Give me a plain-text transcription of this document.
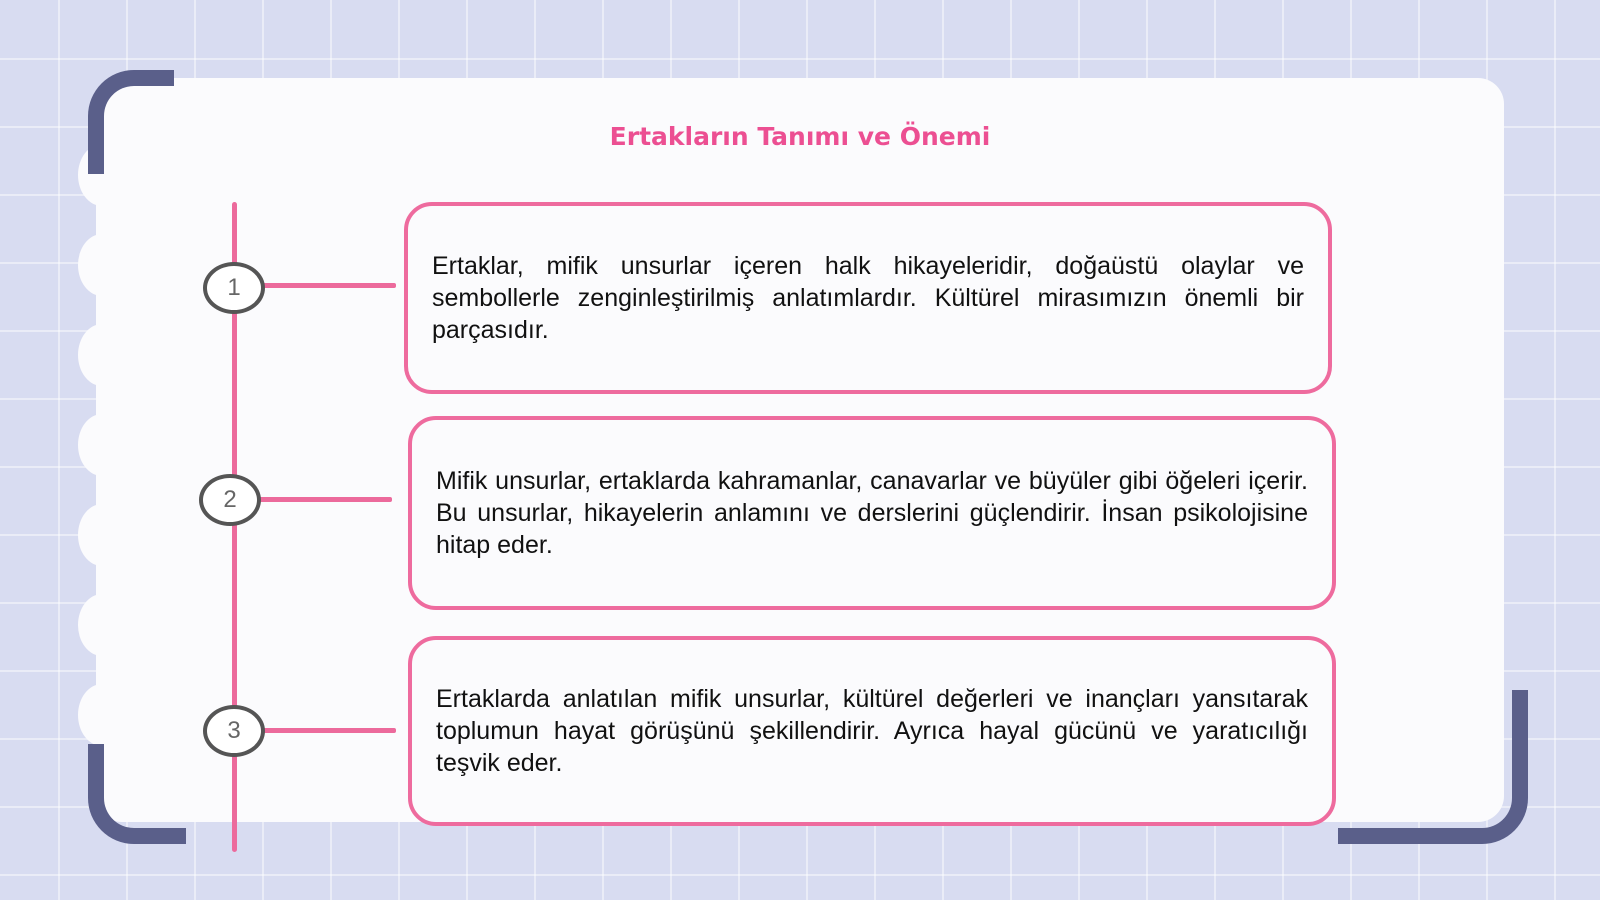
Ertakların Tanımı ve Önemi
1

Ertaklar, mifik unsurlar içeren halk hikayeleridir, doğaüstü olaylar ve sembollerle zenginleştirilmiş anlatımlardır. Kültürel mirasımızın önemli bir parçasıdır.

2

Mifik unsurlar, ertaklarda kahramanlar, canavarlar ve büyüler gibi öğeleri içerir. Bu unsurlar, hikayelerin anlamını ve derslerini güçlendirir. İnsan psikolojisine hitap eder.

3

Ertaklarda anlatılan mifik unsurlar, kültürel değerleri ve inançları yansıtarak toplumun hayat görüşünü şekillendirir. Ayrıca hayal gücünü ve yaratıcılığı teşvik eder.
